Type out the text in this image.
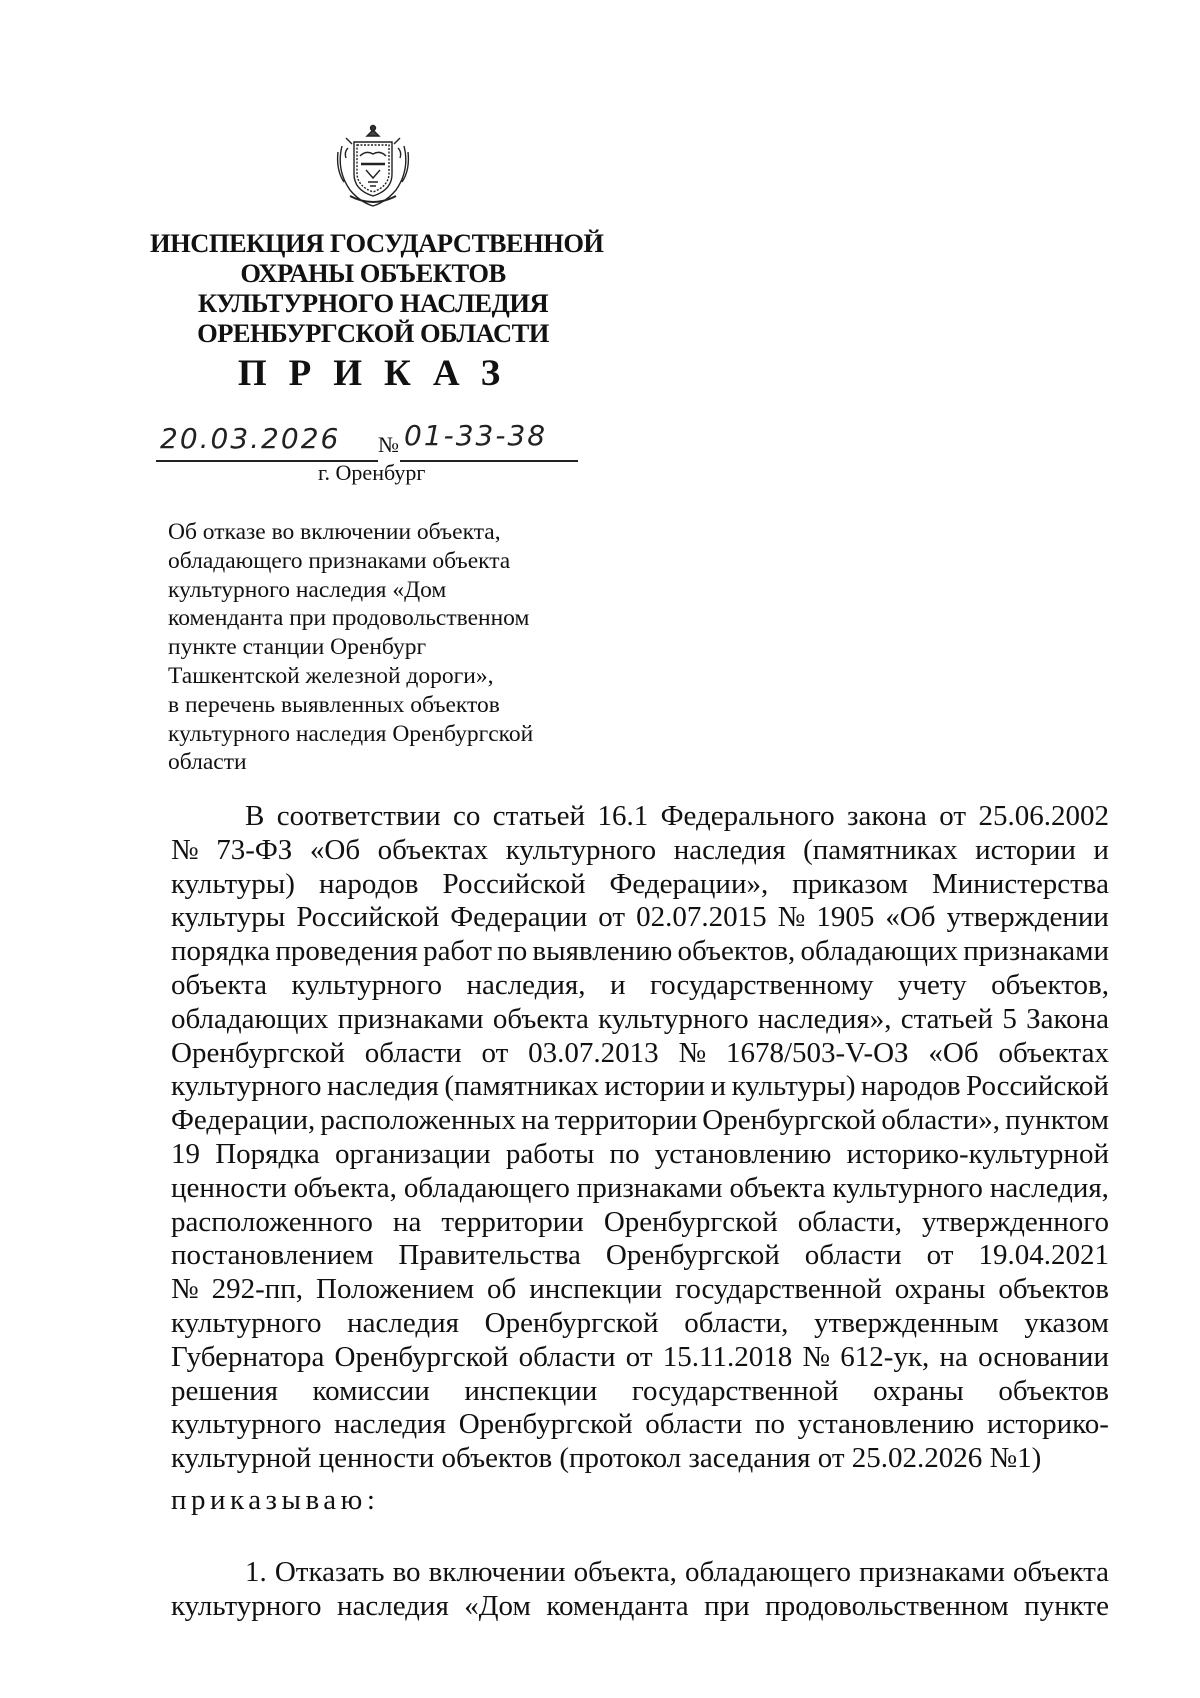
ИНСПЕКЦИЯ ГОСУДАРСТВЕННОЙ
ОХРАНЫ ОБЪЕКТОВ
КУЛЬТУРНОГО НАСЛЕДИЯ
ОРЕНБУРГСКОЙ ОБЛАСТИ
ПРИКАЗ
20.03.2026 № 01-33-38
г. Оренбург
Об отказе во включении объекта,
обладающего признаками объекта
культурного наследия «Дом
коменданта при продовольственном
пункте станции Оренбург
Ташкентской железной дороги»,
в перечень выявленных объектов
культурного наследия Оренбургской
области
В соответствии со статьей 16.1 Федерального закона от 25.06.2002
№ 73-ФЗ «Об объектах культурного наследия (памятниках истории и
культуры) народов Российской Федерации», приказом Министерства
культуры Российской Федерации от 02.07.2015 № 1905 «Об утверждении
порядка проведения работ по выявлению объектов, обладающих признаками
объекта культурного наследия, и государственному учету объектов,
обладающих признаками объекта культурного наследия», статьей 5 Закона
Оренбургской области от 03.07.2013 № 1678/503-V-ОЗ «Об объектах
культурного наследия (памятниках истории и культуры) народов Российской
Федерации, расположенных на территории Оренбургской области», пунктом
19 Порядка организации работы по установлению историко-культурной
ценности объекта, обладающего признаками объекта культурного наследия,
расположенного на территории Оренбургской области, утвержденного
постановлением Правительства Оренбургской области от 19.04.2021
№ 292-пп, Положением об инспекции государственной охраны объектов
культурного наследия Оренбургской области, утвержденным указом
Губернатора Оренбургской области от 15.11.2018 № 612-ук, на основании
решения комиссии инспекции государственной охраны объектов
культурного наследия Оренбургской области по установлению историко-
культурной ценности объектов (протокол заседания от 25.02.2026 №1)
приказываю:
1. Отказать во включении объекта, обладающего признаками объекта
культурного наследия «Дом коменданта при продовольственном пункте
